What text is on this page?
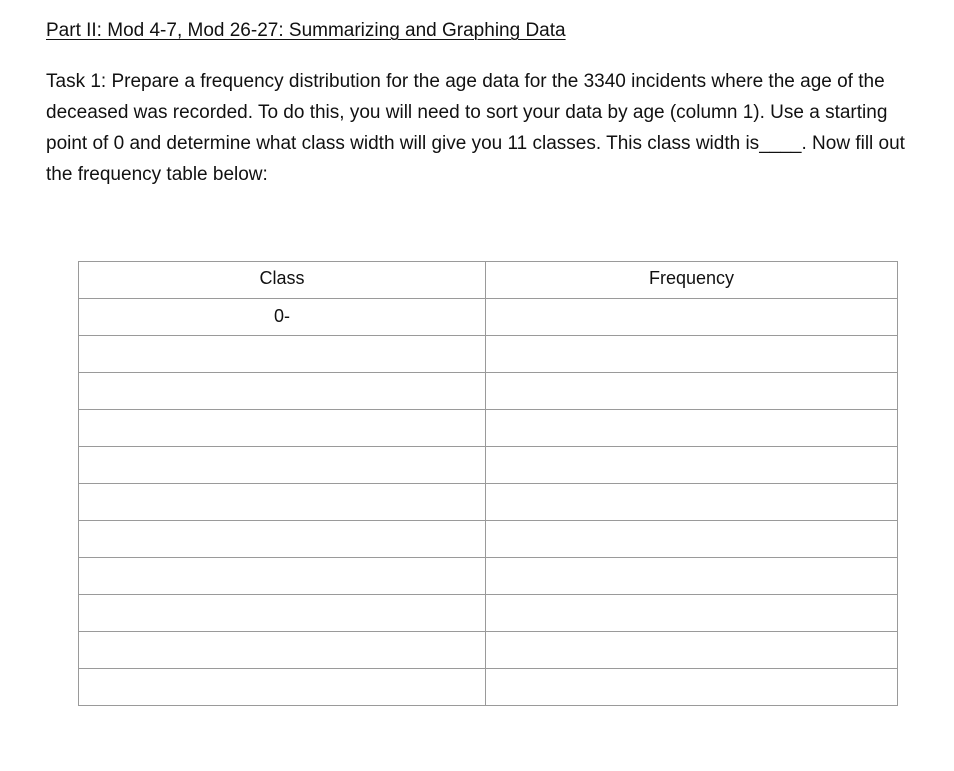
Part II: Mod 4-7, Mod 26-27: Summarizing and Graphing Data

Task 1: Prepare a frequency distribution for the age data for the 3340 incidents where the age of the deceased was recorded. To do this, you will need to sort your data by age (column 1). Use a starting point of 0 and determine what class width will give you 11 classes. This class width is____. Now fill out the frequency table below:

Class	Frequency
0-	
